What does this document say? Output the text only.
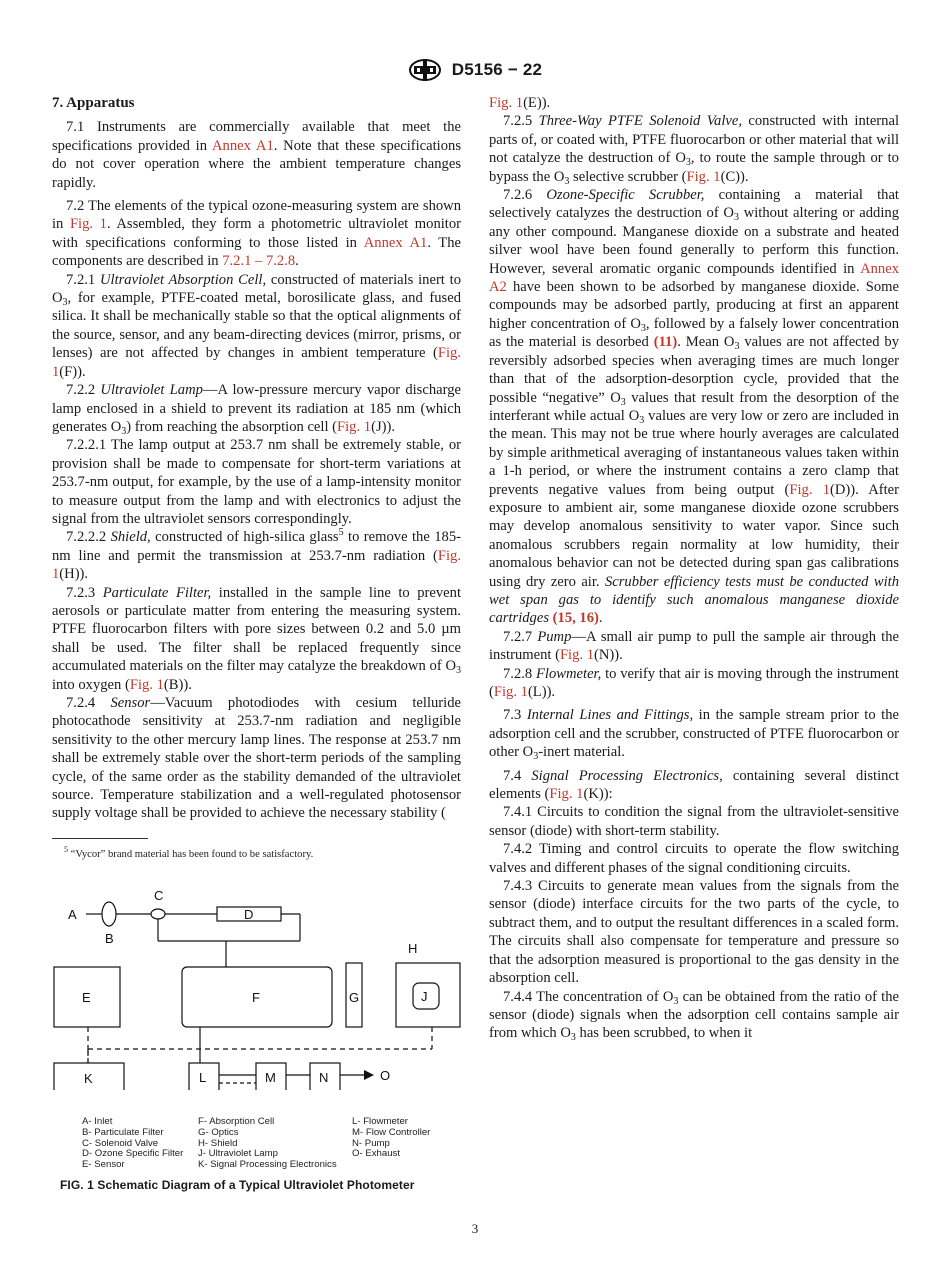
D5156 − 22

7. Apparatus

7.1 Instruments are commercially available that meet the specifications provided in Annex A1. Note that these specifications do not cover operation where the ambient temperature changes rapidly.

7.2 The elements of the typical ozone-measuring system are shown in Fig. 1. Assembled, they form a photometric ultraviolet monitor with specifications conforming to those listed in Annex A1. The components are described in 7.2.1 – 7.2.8.

7.2.1 Ultraviolet Absorption Cell, constructed of materials inert to $O_3$, for example, PTFE-coated metal, borosilicate glass, and fused silica. It shall be mechanically stable so that the optical alignments of the source, sensor, and any beam-directing devices (mirror, prisms, or lenses) are not affected by changes in ambient temperature (Fig. 1(F)).

7.2.2 Ultraviolet Lamp—A low-pressure mercury vapor discharge lamp enclosed in a shield to prevent its radiation at 185 nm (which generates $O_3$) from reaching the absorption cell (Fig. 1(J)).

7.2.2.1 The lamp output at 253.7 nm shall be extremely stable, or provision shall be made to compensate for short-term variations at 253.7-nm output, for example, by the use of a lamp-intensity monitor to measure output from the lamp and with electronics to adjust the signal from the ultraviolet sensors correspondingly.

7.2.2.2 Shield, constructed of high-silica glass$^5$ to remove the 185-nm line and permit the transmission at 253.7-nm radiation (Fig. 1(H)).

7.2.3 Particulate Filter, installed in the sample line to prevent aerosols or particulate matter from entering the measuring system. PTFE fluorocarbon filters with pore sizes between 0.2 and 5.0 µm shall be used. The filter shall be replaced frequently since accumulated materials on the filter may catalyze the breakdown of $O_3$ into oxygen (Fig. 1(B)).

7.2.4 Sensor—Vacuum photodiodes with cesium telluride photocathode sensitivity at 253.7-nm radiation and negligible sensitivity to the other mercury lamp lines. The response at 253.7 nm shall be extremely stable over the short-term periods of the sampling cycle, of the same order as the stability demanded of the ultraviolet source. Temperature stabilization and a well-regulated photosensor supply voltage shall be provided to achieve the necessary stability (

$^5$ “Vycor” brand material has been found to be satisfactory.
A
B
C
D
H
E	F	G	J
K	L	M	N	O
A- Inlet
B- Particulate Filter
C- Solenoid Valve
D- Ozone Specific Filter
E- Sensor
F- Absorption Cell
G- Optics
H- Shield
J- Ultraviolet Lamp
K- Signal Processing Electronics
L- Flowmeter
M- Flow Controller
N- Pump
O- Exhaust
FIG. 1 Schematic Diagram of a Typical Ultraviolet Photometer

Fig. 1(E)).

7.2.5 Three-Way PTFE Solenoid Valve, constructed with internal parts of, or coated with, PTFE fluorocarbon or other material that will not catalyze the destruction of $O_3$, to route the sample through or to bypass the $O_3$ selective scrubber (Fig. 1(C)).

7.2.6 Ozone-Specific Scrubber, containing a material that selectively catalyzes the destruction of $O_3$ without altering or adding any other compound. Manganese dioxide on a substrate and heated silver wool have been found generally to perform this function. However, several aromatic organic compounds identified in Annex A2 have been shown to be adsorbed by manganese dioxide. Some compounds may be adsorbed partly, producing at first an apparent higher concentration of $O_3$, followed by a falsely lower concentration as the material is desorbed (11). Mean $O_3$ values are not affected by reversibly adsorbed species when averaging times are much longer than that of the adsorption-desorption cycle, provided that the possible “negative” $O_3$ values that result from the desorption of the interferant while actual $O_3$ values are very low or zero are included in the mean. This may not be true where hourly averages are calculated by simple arithmetical averaging of instantaneous values taken within a 1-h period, or where the instrument contains a zero clamp that prevents negative values from being output (Fig. 1(D)). After exposure to ambient air, some manganese dioxide ozone scrubbers may develop anomalous sensitivity to water vapor. Since such anomalous scrubbers regain normality at low humidity, their anomalous behavior can not be detected during span gas calibrations using dry zero air. Scrubber efficiency tests must be conducted with wet span gas to identify such anomalous manganese dioxide cartridges (15, 16).

7.2.7 Pump—A small air pump to pull the sample air through the instrument (Fig. 1(N)).

7.2.8 Flowmeter, to verify that air is moving through the instrument (Fig. 1(L)).

7.3 Internal Lines and Fittings, in the sample stream prior to the adsorption cell and the scrubber, constructed of PTFE fluorocarbon or other $O_3$-inert material.

7.4 Signal Processing Electronics, containing several distinct elements (Fig. 1(K)):

7.4.1 Circuits to condition the signal from the ultraviolet-sensitive sensor (diode) with short-term stability.

7.4.2 Timing and control circuits to operate the flow switching valves and different phases of the signal conditioning circuits.

7.4.3 Circuits to generate mean values from the signals from the sensor (diode) interface circuits for the two parts of the cycle, to subtract them, and to output the resultant differences in a scaled form. The circuits shall also compensate for temperature and pressure so that the adsorption measured is proportional to the gas density in the absorption cell.

7.4.4 The concentration of $O_3$ can be obtained from the ratio of the sensor (diode) signals when the adsorption cell contains sample air from which $O_3$ has been scrubbed, to when it

3
